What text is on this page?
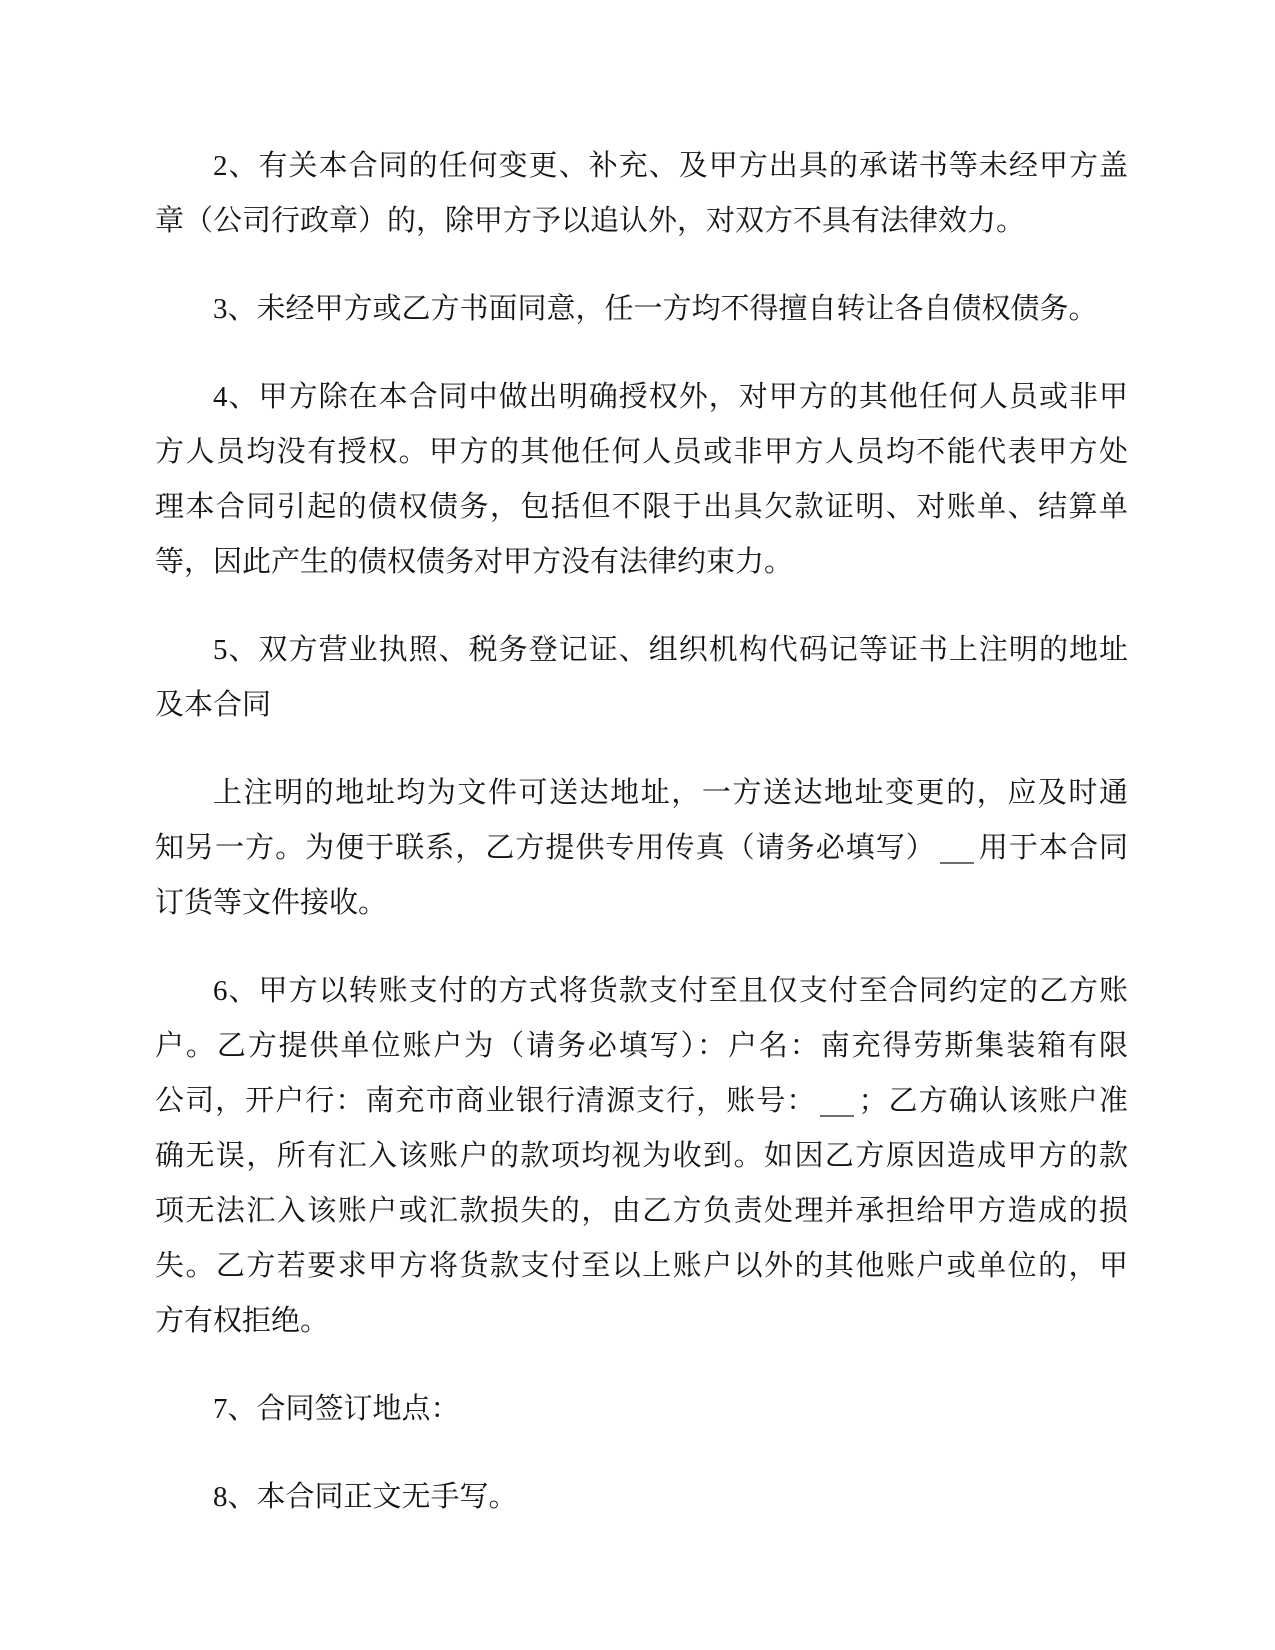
2、有关本合同的任何变更、补充、及甲方出具的承诺书等未经甲方盖
章（公司行政章）的，除甲方予以追认外，对双方不具有法律效力。
3、未经甲方或乙方书面同意，任一方均不得擅自转让各自债权债务。
4、甲方除在本合同中做出明确授权外，对甲方的其他任何人员或非甲
方人员均没有授权。甲方的其他任何人员或非甲方人员均不能代表甲方处
理本合同引起的债权债务，包括但不限于出具欠款证明、对账单、结算单
等，因此产生的债权债务对甲方没有法律约束力。
5、双方营业执照、税务登记证、组织机构代码记等证书上注明的地址
及本合同
上注明的地址均为文件可送达地址，一方送达地址变更的，应及时通
知另一方。为便于联系，乙方提供专用传真（请务必填写） 用于本合同
订货等文件接收。
6、甲方以转账支付的方式将货款支付至且仅支付至合同约定的乙方账
户。乙方提供单位账户为（请务必填写）：户名：南充得劳斯集装箱有限
公司，开户行：南充市商业银行清源支行，账号： ；乙方确认该账户准
确无误，所有汇入该账户的款项均视为收到。如因乙方原因造成甲方的款
项无法汇入该账户或汇款损失的，由乙方负责处理并承担给甲方造成的损
失。乙方若要求甲方将货款支付至以上账户以外的其他账户或单位的，甲
方有权拒绝。
7、合同签订地点：
8、本合同正文无手写。
